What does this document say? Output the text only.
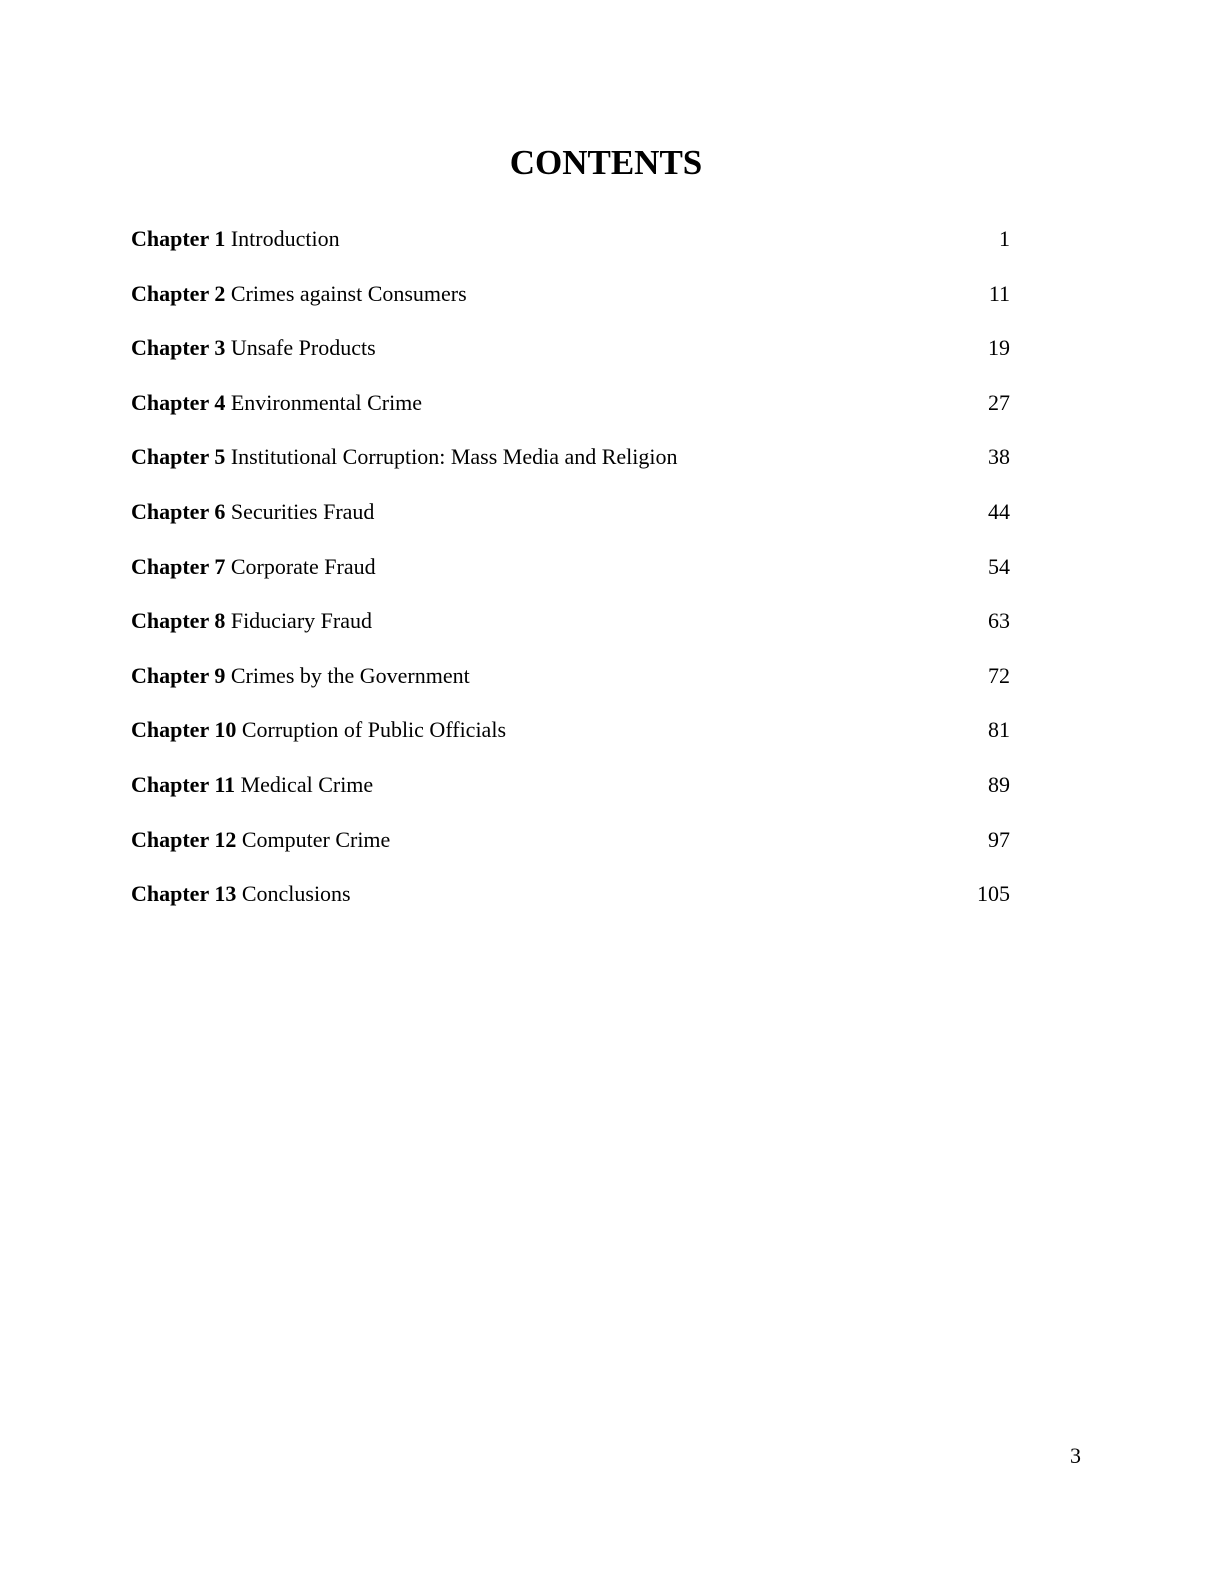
CONTENTS
Chapter 1 Introduction	1
Chapter 2 Crimes against Consumers	11
Chapter 3 Unsafe Products	19
Chapter 4 Environmental Crime	27
Chapter 5 Institutional Corruption: Mass Media and Religion	38
Chapter 6 Securities Fraud	44
Chapter 7 Corporate Fraud	54
Chapter 8 Fiduciary Fraud	63
Chapter 9 Crimes by the Government	72
Chapter 10 Corruption of Public Officials	81
Chapter 11 Medical Crime	89
Chapter 12 Computer Crime	97
Chapter 13 Conclusions	105
3
